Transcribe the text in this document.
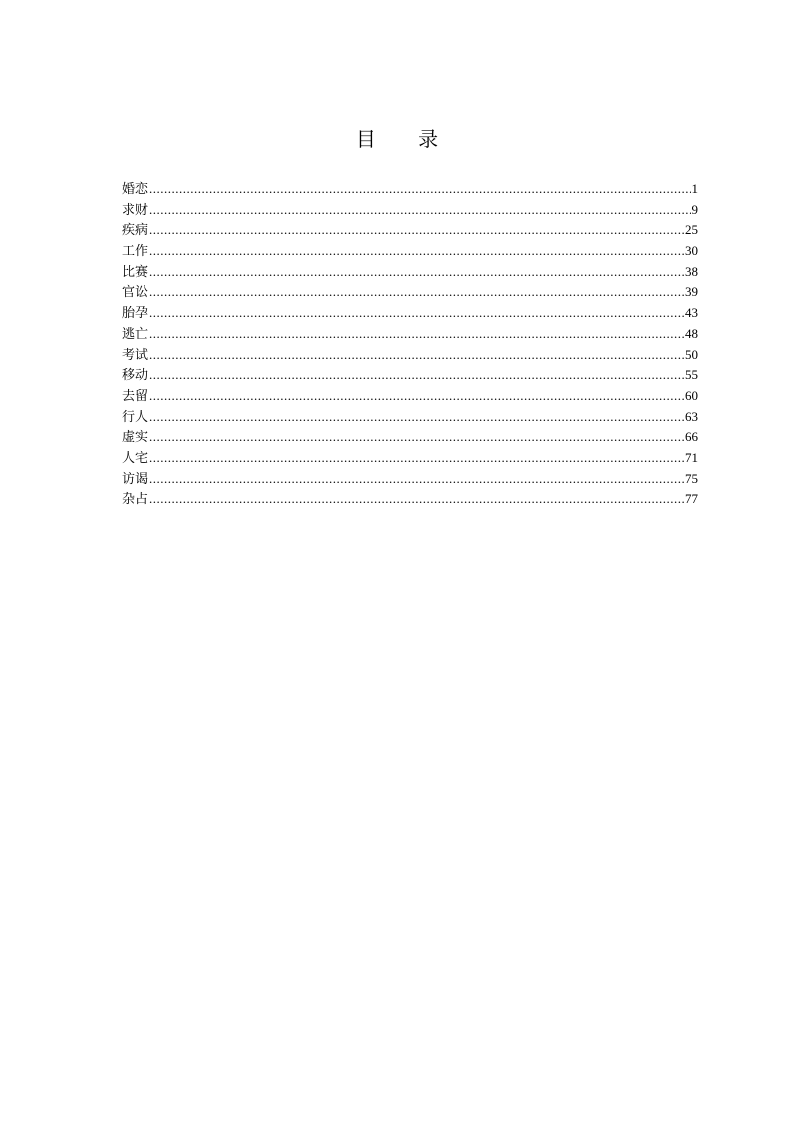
目 录
婚恋 .....	1
求财 .....	9
疾病 .....	25
工作 .....	30
比赛 .....	38
官讼 .....	39
胎孕 .....	43
逃亡 .....	48
考试 .....	50
移动 .....	55
去留 .....	60
行人 .....	63
虚实 .....	66
人宅 .....	71
访谒 .....	75
杂占 .....	77
